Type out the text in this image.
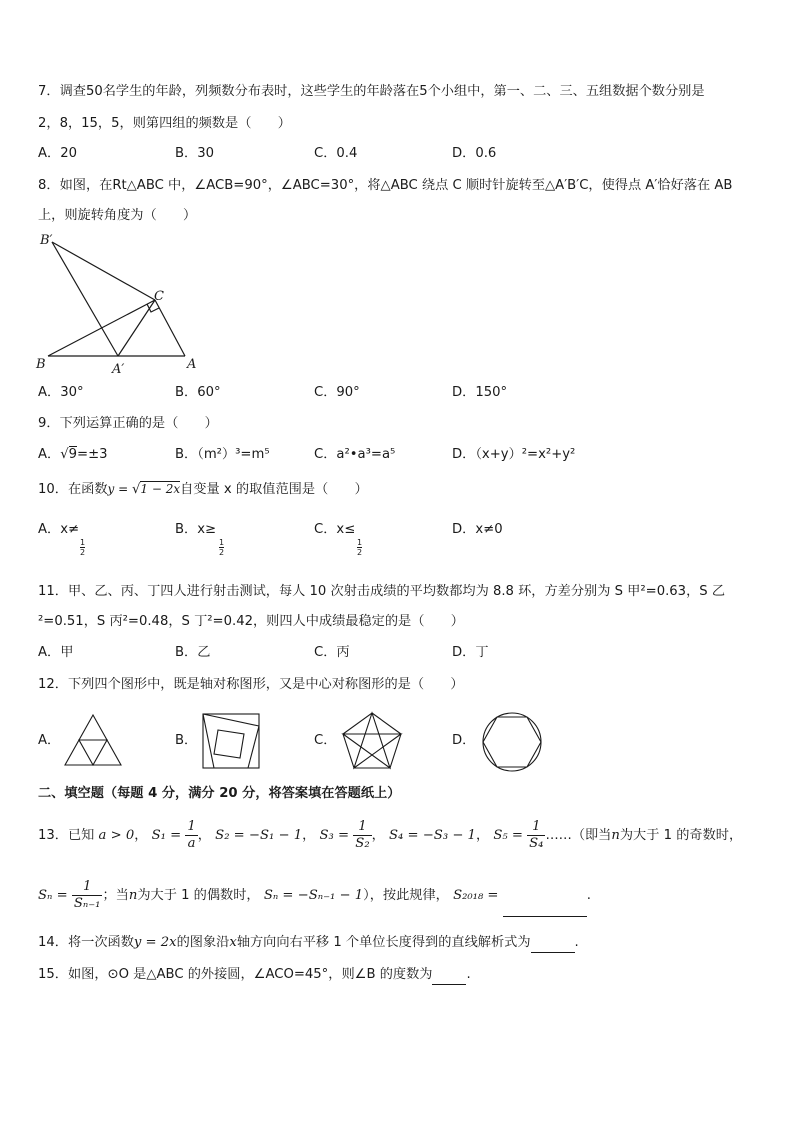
7．调查50名学生的年龄，列频数分布表时，这些学生的年龄落在5个小组中，第一、二、三、五组数据个数分别是
2，8，15，5，则第四组的频数是（　　）
A．20	B．30	C．0.4	D．0.6
8．如图，在Rt△ABC 中，∠ACB=90°，∠ABC=30°，将△ABC 绕点 C 顺时针旋转至△A′B′C，使得点 A′恰好落在 AB
上，则旋转角度为（　　）
B′
C
B	A′	A
A．30°	B．60°	C．90°	D．150°
9．下列运算正确的是（　　）
A．√9=±3	B．（m²）³=m⁵	C．a²•a³=a⁵	D．（x+y）²=x²+y²
10．在函数y = √1 − 2x自变量 x 的取值范围是（　　）
A．x≠
$\frac{1}{2}$
B．x≥
$\frac{1}{2}$
C．x≤
$\frac{1}{2}$
D．x≠0
11．甲、乙、丙、丁四人进行射击测试，每人 10 次射击成绩的平均数都均为 8.8 环，方差分别为 S 甲²=0.63，S 乙
²=0.51，S 丙²=0.48，S 丁²=0.42，则四人中成绩最稳定的是（　　）
A．甲	B．乙	C．丙	D．丁
12．下列四个图形中，既是轴对称图形，又是中心对称图形的是（　　）
A．	B．	C．	D．
二、填空题（每题 4 分，满分 20 分，将答案填在答题纸上）
13．已知 a > 0， $S_1 = \frac{1}{a}$ ， S₂ = −S₁ − 1， $S_3 = \frac{1}{\text{S₂}}$ ， S₄ = −S₃ − 1， $S_5 = \frac{1}{\text{S₄}}$ ……（即当n为大于 1 的奇数时，
$S_n = \frac{1}{\text{Sₙ₋₁}}$ ；当n为大于 1 的偶数时， Sₙ = −Sₙ₋₁ − 1），按此规律， S₂₀₁₈ =	.
14．将一次函数y = 2x的图象沿x轴方向向右平移 1 个单位长度得到的直线解析式为	.
15．如图，⊙O 是△ABC 的外接圆，∠ACO=45°，则∠B 的度数为	.
